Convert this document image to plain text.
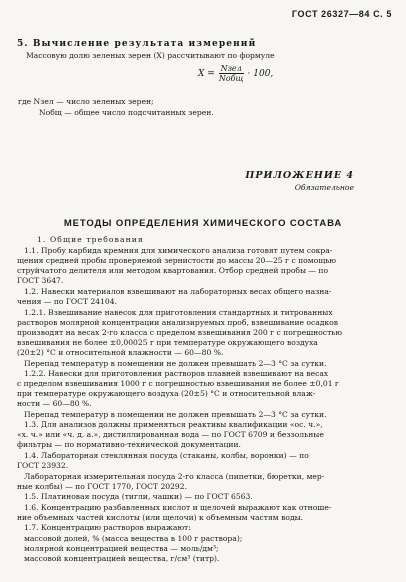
ГОСТ 26327—84 С. 5
5. Вычисление результата измерений
Массовую долю зеленых зерен (X) рассчитывают по формуле
$X = \frac{\text{Nзел}}{\text{Nобщ}} \cdot 100$,
где Nзел — число зеленых зерен;
Nобщ — общее число подсчитанных зерен.
ПРИЛОЖЕНИЕ 4
Обязательное
МЕТОДЫ ОПРЕДЕЛЕНИЯ ХИМИЧЕСКОГО СОСТАВА
1. Общие требования
1.1. Пробу карбида кремния для химического анализа готовят путем сокра-
щения средней пробы проверяемой зернистости до массы 20—25 г с помощью
струйчатого делителя или методом квартования. Отбор средней пробы — по
ГОСТ 3647.
1.2. Навески материалов взвешивают на лабораторных весах общего назна-
чения — по ГОСТ 24104.
1.2.1. Взвешивание навесок для приготовления стандартных и титрованных
растворов молярной концентрации анализируемых проб, взвешивание осадков
производят на весах 2-го класса с пределом взвешивания 200 г с погрешностью
взвешивания не более ±0,00025 г при температуре окружающего воздуха
(20±2) °С и относительной влажности — 60—80 %.
Перепад температур в помещении не должен превышать 2—3 °С за сутки.
1.2.2. Навески для приготовления растворов плавней взвешивают на весах
с пределом взвешивания 1000 г с погрешностью взвешивания не более ±0,01 г
при температуре окружающего воздуха (20±5) °С и относительной влаж-
ности — 60—80 %.
Перепад температур в помещении не должен превышать 2—3 °С за сутки.
1.3. Для анализов должны применяться реактивы квалификации «ос. ч.»,
«х. ч.» или «ч. д. а.», дистиллированная вода — по ГОСТ 6709 и беззольные
фильтры — по нормативно-технической документации.
1.4. Лабораторная стеклянная посуда (стаканы, колбы, воронки) — по
ГОСТ 23932.
Лабораторная измерительная посуда 2-го класса (пипетки, бюретки, мер-
ные колбы) — по ГОСТ 1770, ГОСТ 20292.
1.5. Платиновая посуда (тигли, чашки) — по ГОСТ 6563.
1.6. Концентрацию разбавленных кислот и щелочей выражают как отноше-
ние объемных частей кислоты (или щелочи) к объемным частям воды.
1.7. Концентрацию растворов выражают:
массовой долей, % (масса вещества в 100 г раствора);
молярной концентрацией вещества — моль/дм³;
массовой концентрацией вещества, г/см³ (титр).
